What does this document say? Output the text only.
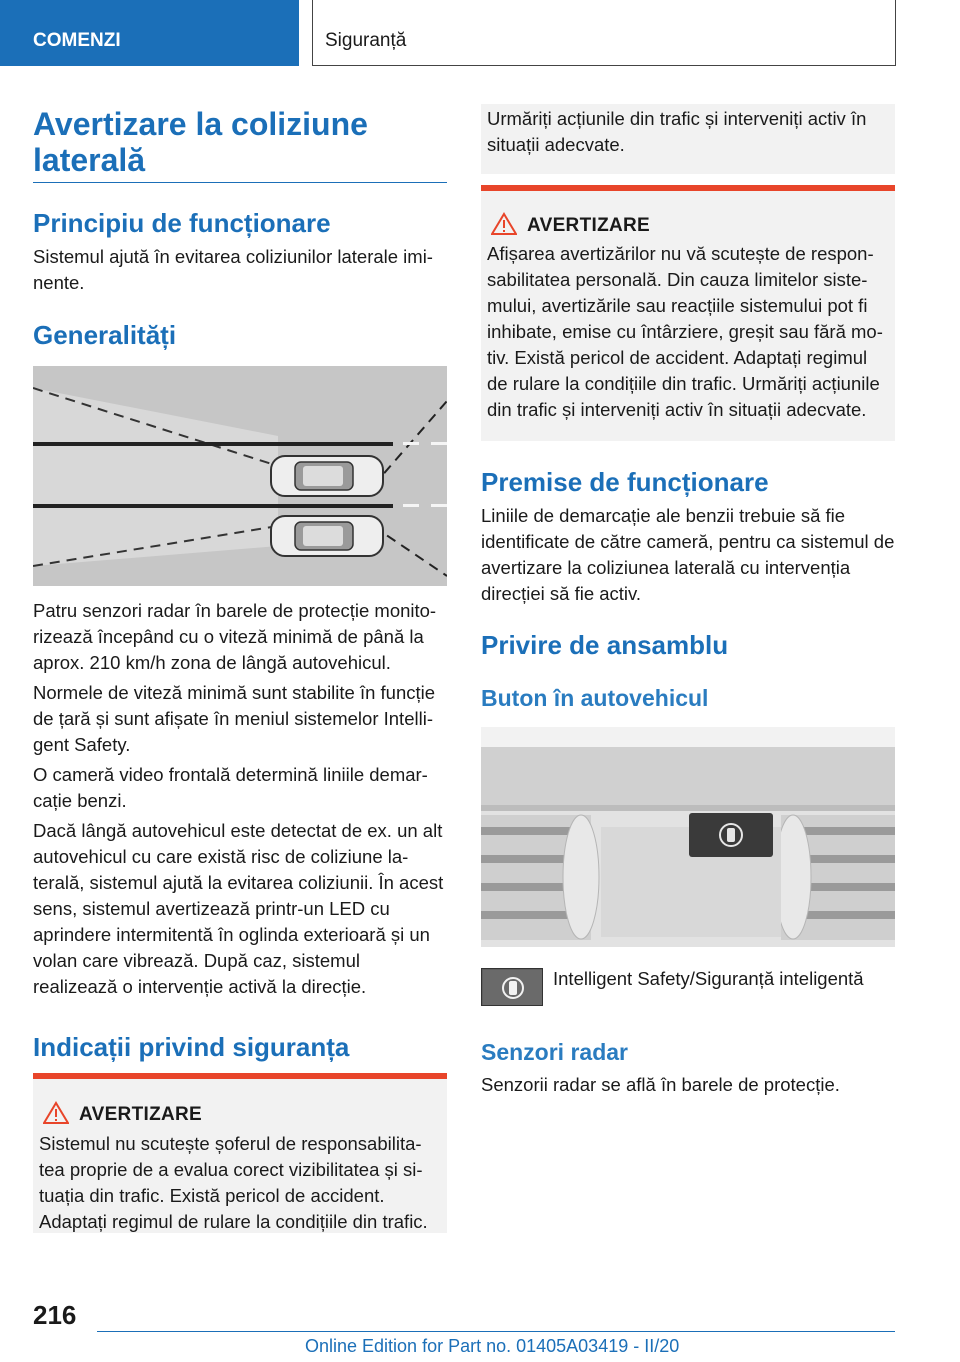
COMENZI	Siguranță
Avertizare la coliziune laterală
Principiu de funcționare
Sistemul ajută în evitarea coliziunilor laterale imi-nente.
Generalități
Patru senzori radar în barele de protecție monito-rizează începând cu o viteză minimă de până la aprox. 210 km/h zona de lângă autovehicul.
Normele de viteză minimă sunt stabilite în funcție de țară și sunt afișate în meniul sistemelor Intelli-gent Safety.
O cameră video frontală determină liniile demar-cație benzi.
Dacă lângă autovehicul este detectat de ex. un alt autovehicul cu care există risc de coliziune la-terală, sistemul ajută la evitarea coliziunii. În acest sens, sistemul avertizează printr-un LED cu aprindere intermitentă în oglinda exterioară și un volan care vibrează. După caz, sistemul realizează o intervenție activă la direcție.
Indicații privind siguranța
AVERTIZARE
Sistemul nu scutește șoferul de responsabilita-tea proprie de a evalua corect vizibilitatea și si-tuația din trafic. Există pericol de accident. Adaptați regimul de rulare la condițiile din trafic.
Urmăriți acțiunile din trafic și interveniți activ în situații adecvate.
AVERTIZARE
Afișarea avertizărilor nu vă scutește de respon-sabilitatea personală. Din cauza limitelor siste-mului, avertizările sau reacțiile sistemului pot fi inhibate, emise cu întârziere, greșit sau fără mo-tiv. Există pericol de accident. Adaptați regimul de rulare la condițiile din trafic. Urmăriți acțiunile din trafic și interveniți activ în situații adecvate.
Premise de funcționare
Liniile de demarcație ale benzii trebuie să fie identificate de către cameră, pentru ca sistemul de avertizare la coliziunea laterală cu intervenția direcției să fie activ.
Privire de ansamblu
Buton în autovehicul
Intelligent Safety/Siguranță inteligentă
Senzori radar
Senzorii radar se află în barele de protecție.
216
Online Edition for Part no. 01405A03419 - II/20
